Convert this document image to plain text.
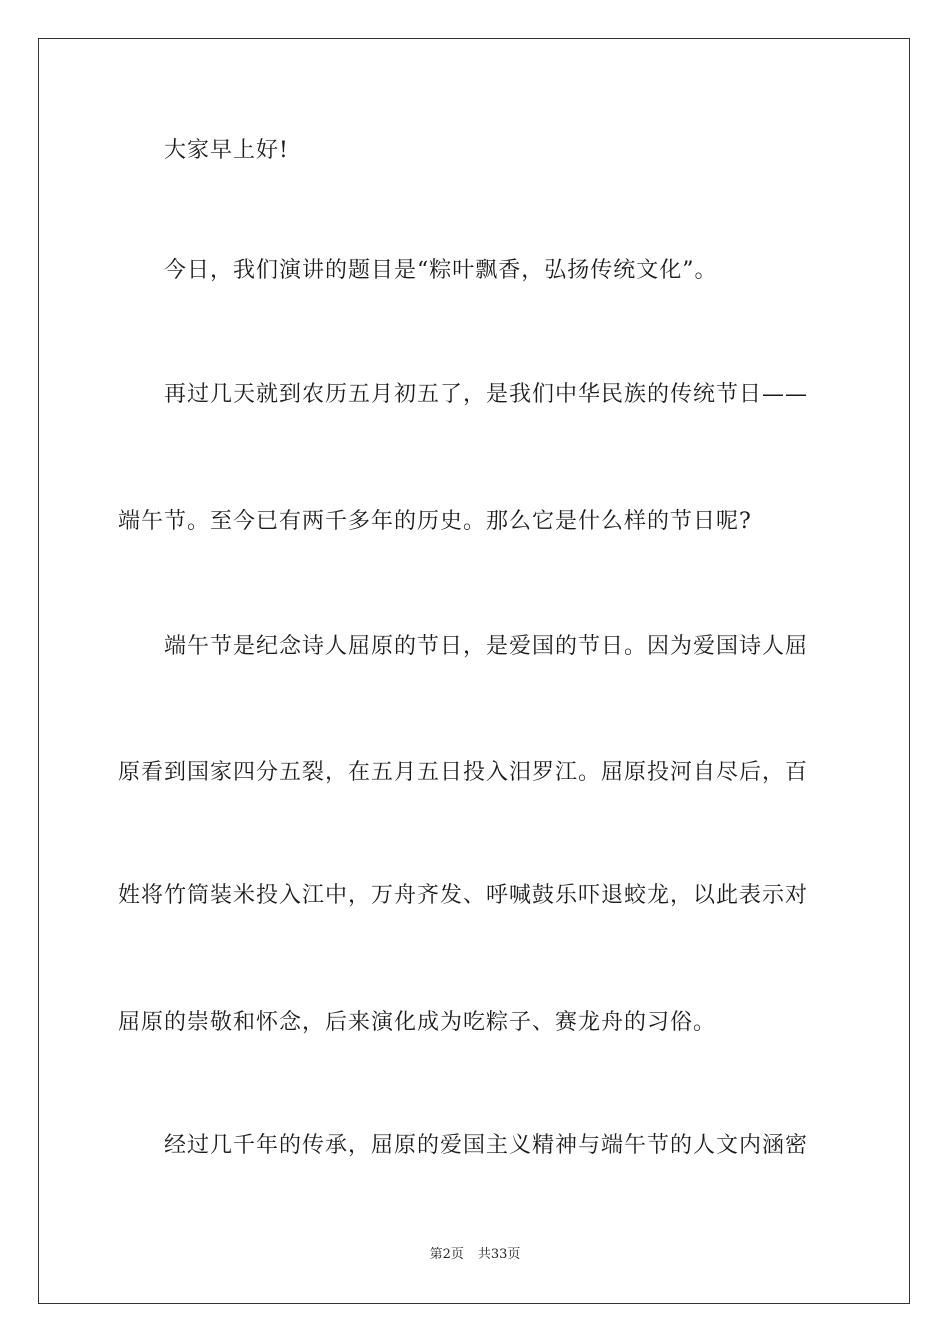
大家早上好!
今日，我们演讲的题目是“粽叶飘香，弘扬传统文化”。
再过几天就到农历五月初五了，是我们中华民族的传统节日——
端午节。至今已有两千多年的历史。那么它是什么样的节日呢?
端午节是纪念诗人屈原的节日，是爱国的节日。因为爱国诗人屈
原看到国家四分五裂，在五月五日投入汨罗江。屈原投河自尽后，百
姓将竹筒装米投入江中，万舟齐发、呼喊鼓乐吓退蛟龙，以此表示对
屈原的崇敬和怀念，后来演化成为吃粽子、赛龙舟的习俗。
经过几千年的传承，屈原的爱国主义精神与端午节的人文内涵密
第2页 共33页
